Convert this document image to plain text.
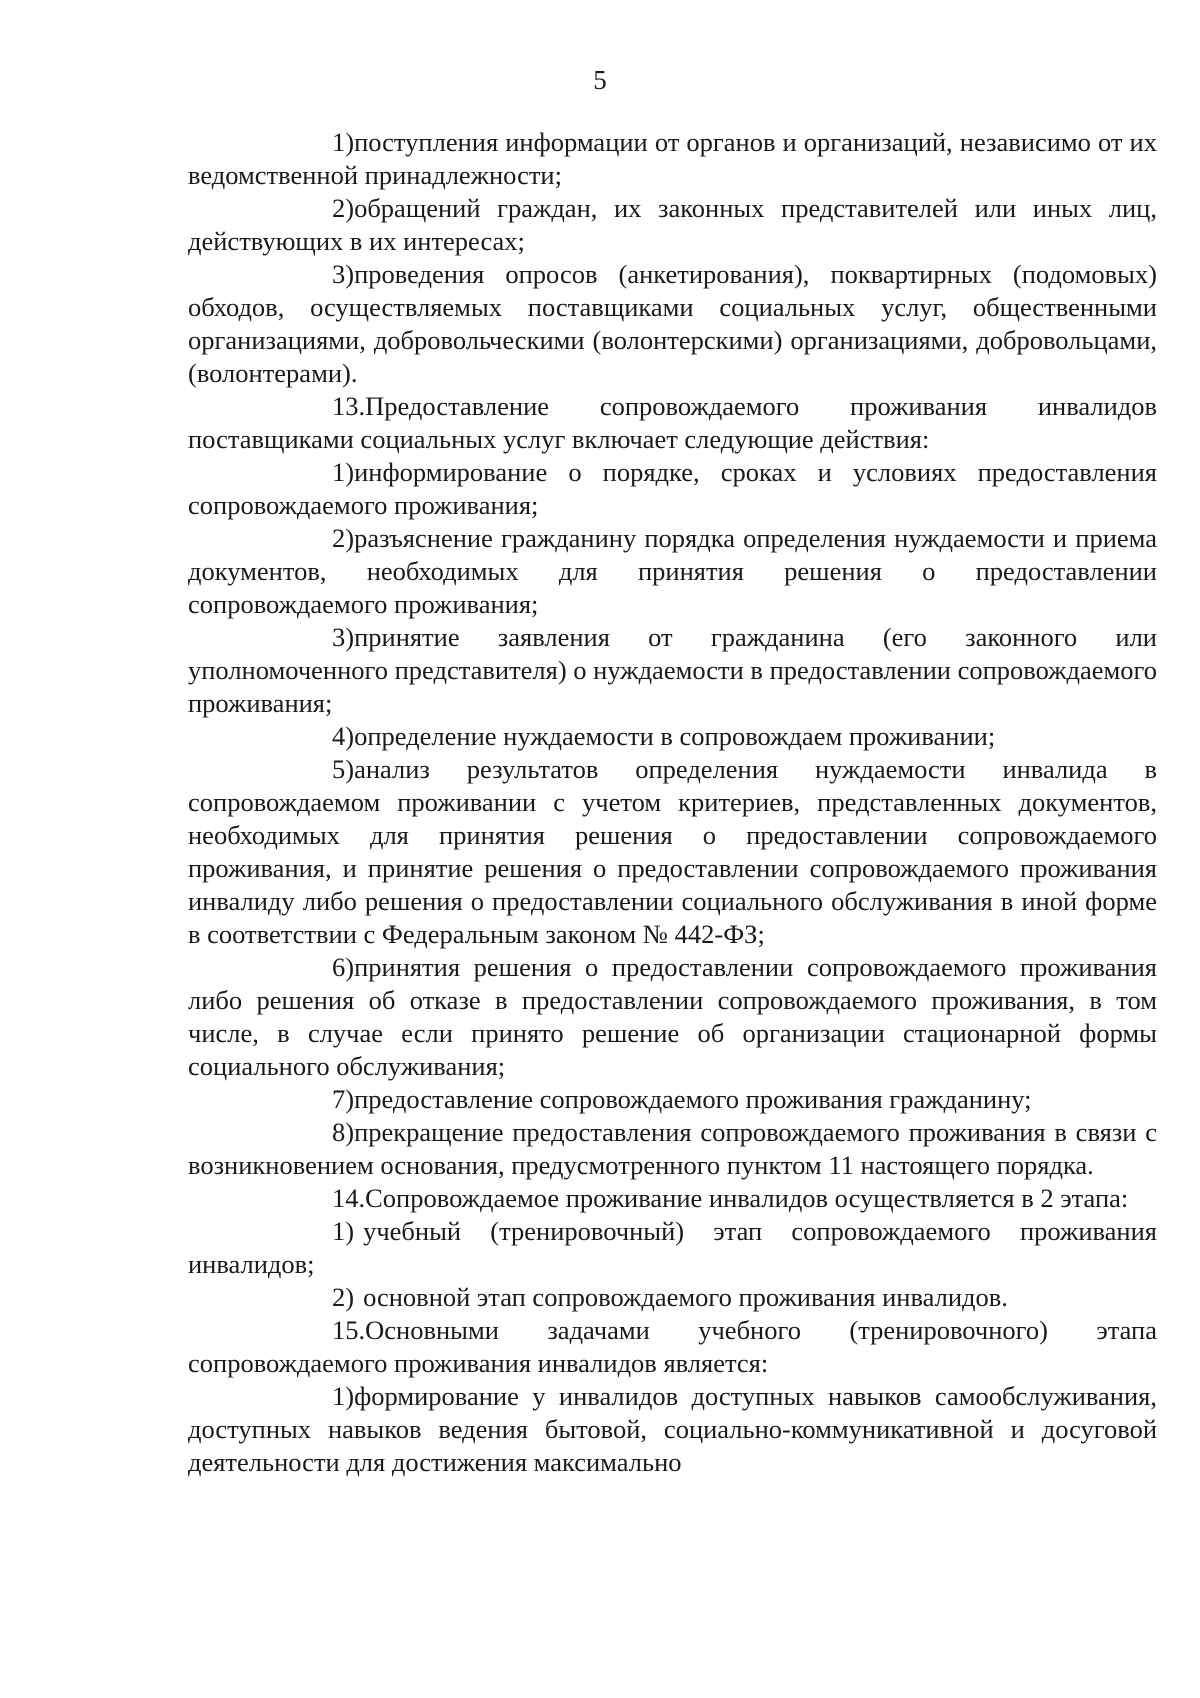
5

1)поступления информации от органов и организаций, независимо от их ведомственной принадлежности;

2)обращений граждан, их законных представителей или иных лиц, действующих в их интересах;

3)проведения опросов (анкетирования), поквартирных (подомовых) обходов, осуществляемых поставщиками социальных услуг, общественными организациями, добровольческими (волонтерскими) организациями, добровольцами, (волонтерами).

13.Предоставление сопровождаемого проживания инвалидов поставщиками социальных услуг включает следующие действия:

1)информирование о порядке, сроках и условиях предоставления сопровождаемого проживания;

2)разъяснение гражданину порядка определения нуждаемости и приема документов, необходимых для принятия решения о предоставлении сопровождаемого проживания;

3)принятие заявления от гражданина (его законного или уполномоченного представителя) о нуждаемости в предоставлении сопровождаемого проживания;

4)определение нуждаемости в сопровождаем проживании;

5)анализ результатов определения нуждаемости инвалида в сопровождаемом проживании с учетом критериев, представленных документов, необходимых для принятия решения о предоставлении сопровождаемого проживания, и принятие решения о предоставлении сопровождаемого проживания инвалиду либо решения о предоставлении социального обслуживания в иной форме в соответствии с Федеральным законом № 442-ФЗ;

6)принятия решения о предоставлении сопровождаемого проживания либо решения об отказе в предоставлении сопровождаемого проживания, в том числе, в случае если принято решение об организации стационарной формы социального обслуживания;

7)предоставление сопровождаемого проживания гражданину;

8)прекращение предоставления сопровождаемого проживания в связи с возникновением основания, предусмотренного пунктом 11 настоящего порядка.

14.Сопровождаемое проживание инвалидов осуществляется в 2 этапа:

1) учебный (тренировочный) этап сопровождаемого проживания инвалидов;

2) основной этап сопровождаемого проживания инвалидов.

15.Основными задачами учебного (тренировочного) этапа сопровождаемого проживания инвалидов является:

1)формирование у инвалидов доступных навыков самообслуживания, доступных навыков ведения бытовой, социально-коммуникативной и досуговой деятельности для достижения максимально
